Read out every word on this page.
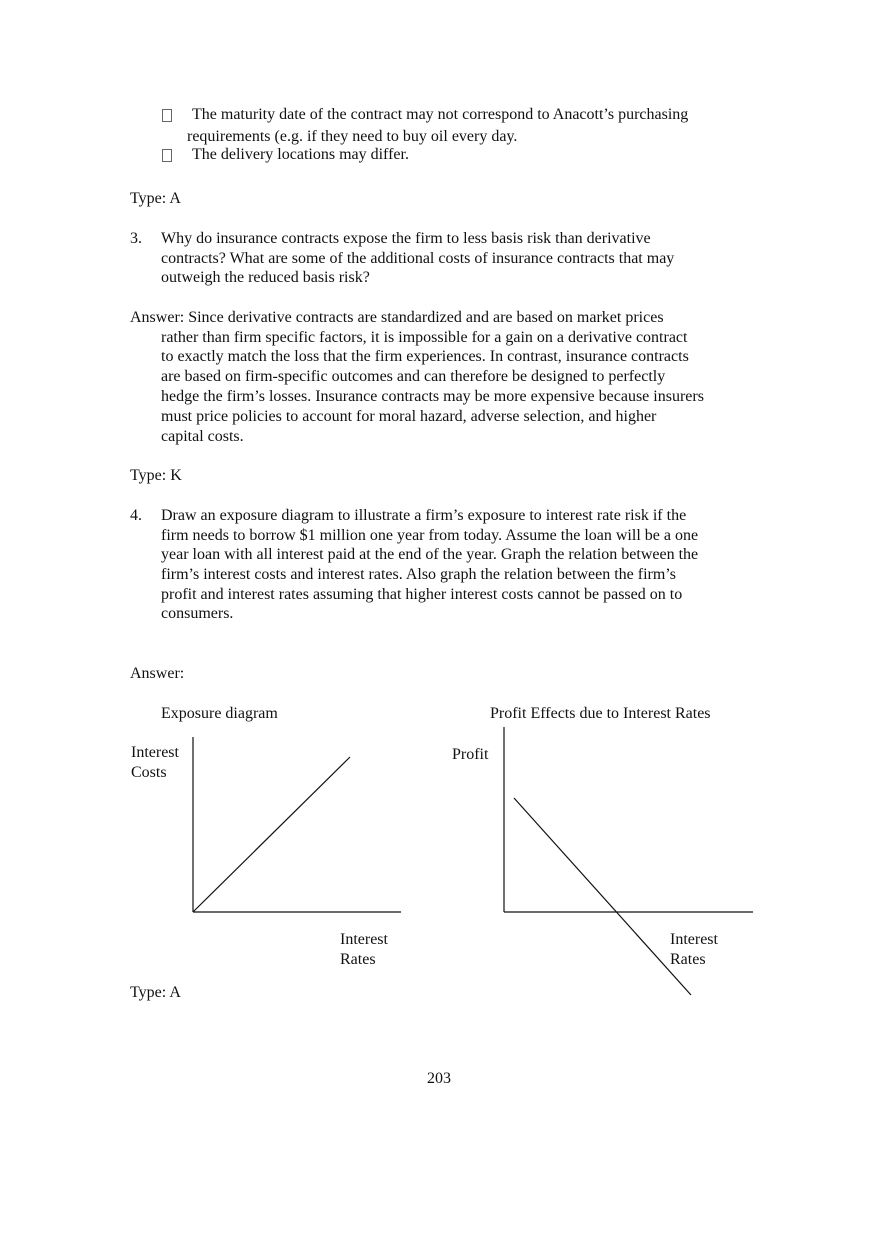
The maturity date of the contract may not correspond to Anacott’s purchasing
requirements (e.g. if they need to buy oil every day.
The delivery locations may differ.
Type: A
3. Why do insurance contracts expose the firm to less basis risk than derivative
contracts? What are some of the additional costs of insurance contracts that may
outweigh the reduced basis risk?
Answer: Since derivative contracts are standardized and are based on market prices
rather than firm specific factors, it is impossible for a gain on a derivative contract
to exactly match the loss that the firm experiences. In contrast, insurance contracts
are based on firm-specific outcomes and can therefore be designed to perfectly
hedge the firm’s losses. Insurance contracts may be more expensive because insurers
must price policies to account for moral hazard, adverse selection, and higher
capital costs.
Type: K
4. Draw an exposure diagram to illustrate a firm’s exposure to interest rate risk if the
firm needs to borrow $1 million one year from today. Assume the loan will be a one
year loan with all interest paid at the end of the year. Graph the relation between the
firm’s interest costs and interest rates. Also graph the relation between the firm’s
profit and interest rates assuming that higher interest costs cannot be passed on to
consumers.
Answer:
Exposure diagram
Interest
Costs
Interest
Rates
Profit Effects due to Interest Rates
Profit
Interest
Rates
Type: A
203
